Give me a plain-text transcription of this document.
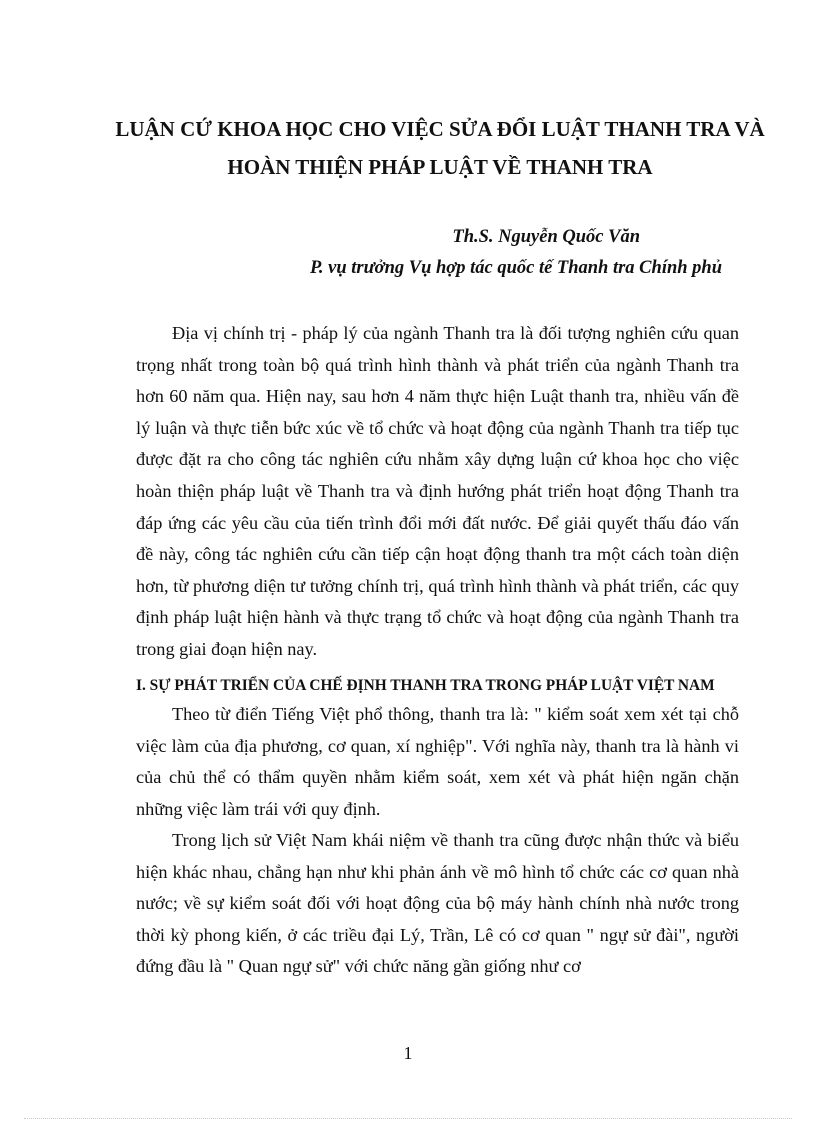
LUẬN CỨ KHOA HỌC CHO VIỆC SỬA ĐỔI LUẬT THANH TRA VÀ HOÀN THIỆN PHÁP LUẬT VỀ THANH TRA

Th.S. Nguyễn Quốc Văn

P. vụ trưởng Vụ hợp tác quốc tế Thanh tra Chính phủ

Địa vị chính trị - pháp lý của ngành Thanh tra là đối tượng nghiên cứu quan trọng nhất trong toàn bộ quá trình hình thành và phát triển của ngành Thanh tra hơn 60 năm qua. Hiện nay, sau hơn 4 năm thực hiện Luật thanh tra, nhiều vấn đề lý luận và thực tiễn bức xúc về tổ chức và hoạt động của ngành Thanh tra tiếp tục được đặt ra cho công tác nghiên cứu nhằm xây dựng luận cứ khoa học cho việc hoàn thiện pháp luật về Thanh tra và định hướng phát triển hoạt động Thanh tra đáp ứng các yêu cầu của tiến trình đổi mới đất nước. Để giải quyết thấu đáo vấn đề này, công tác nghiên cứu cần tiếp cận hoạt động thanh tra một cách toàn diện hơn, từ phương diện tư tưởng chính trị, quá trình hình thành và phát triển, các quy định pháp luật hiện hành và thực trạng tổ chức và hoạt động của ngành Thanh tra trong giai đoạn hiện nay.

I. SỰ PHÁT TRIỂN CỦA CHẾ ĐỊNH THANH TRA TRONG PHÁP LUẬT VIỆT NAM

Theo từ điển Tiếng Việt phổ thông, thanh tra là: " kiểm soát xem xét tại chỗ việc làm của địa phương, cơ quan, xí nghiệp". Với nghĩa này, thanh tra là hành vi của chủ thể có thẩm quyền nhằm kiểm soát, xem xét và phát hiện ngăn chặn những việc làm trái với quy định.

Trong lịch sử Việt Nam khái niệm về thanh tra cũng được nhận thức và biểu hiện khác nhau, chẳng hạn như khi phản ánh về mô hình tổ chức các cơ quan nhà nước; về sự kiểm soát đối với hoạt động của bộ máy hành chính nhà nước trong thời kỳ phong kiến, ở các triều đại Lý, Trần, Lê có cơ quan " ngự sử đài", người đứng đầu là " Quan ngự sử" với chức năng gần giống như cơ

1
